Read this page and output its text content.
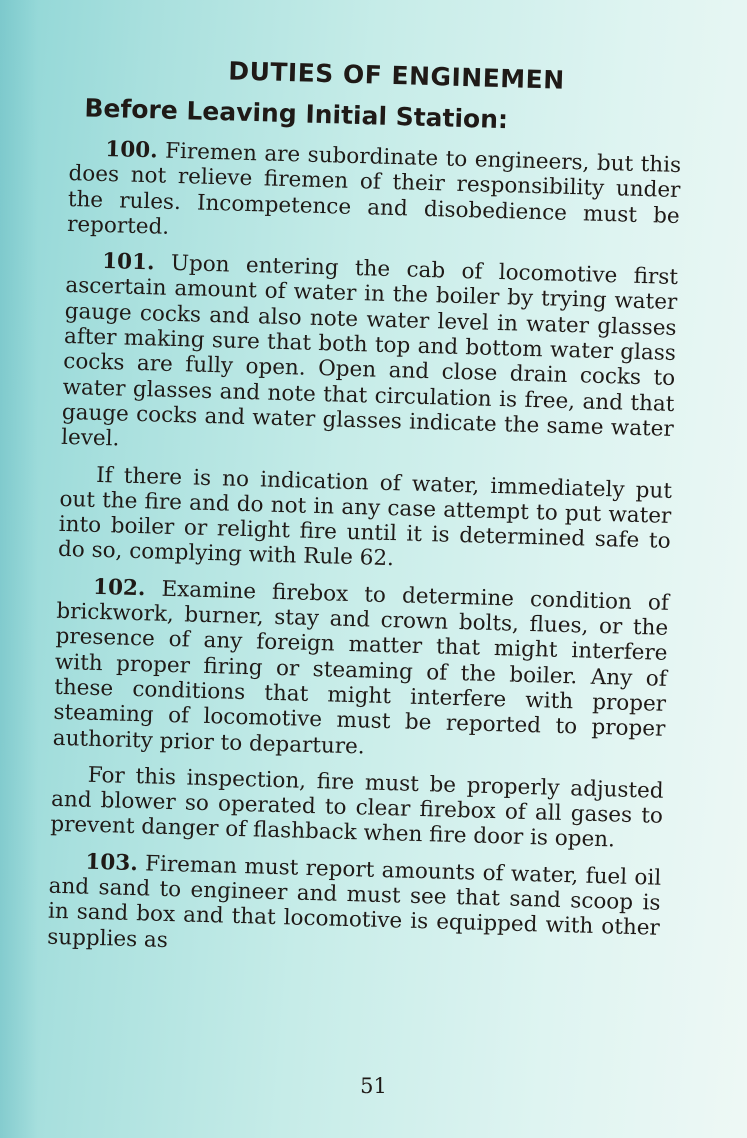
DUTIES OF ENGINEMEN
Before Leaving Initial Station:

100. Firemen are subordinate to engineers, but this does not relieve firemen of their responsibility under the rules. Incompetence and disobedience must be reported.

101. Upon entering the cab of locomotive first ascertain amount of water in the boiler by trying water gauge cocks and also note water level in water glasses after making sure that both top and bottom water glass cocks are fully open. Open and close drain cocks to water glasses and note that circulation is free, and that gauge cocks and water glasses indicate the same water level.

If there is no indication of water, immediately put out the fire and do not in any case attempt to put water into boiler or relight fire until it is determined safe to do so, complying with Rule 62.

102. Examine firebox to determine condition of brickwork, burner, stay and crown bolts, flues, or the presence of any foreign matter that might interfere with proper firing or steaming of the boiler. Any of these conditions that might interfere with proper steaming of locomotive must be reported to proper authority prior to departure.

For this inspection, fire must be properly adjusted and blower so operated to clear firebox of all gases to prevent danger of flashback when fire door is open.

103. Fireman must report amounts of water, fuel oil and sand to engineer and must see that sand scoop is in sand box and that locomotive is equipped with other supplies as

51
